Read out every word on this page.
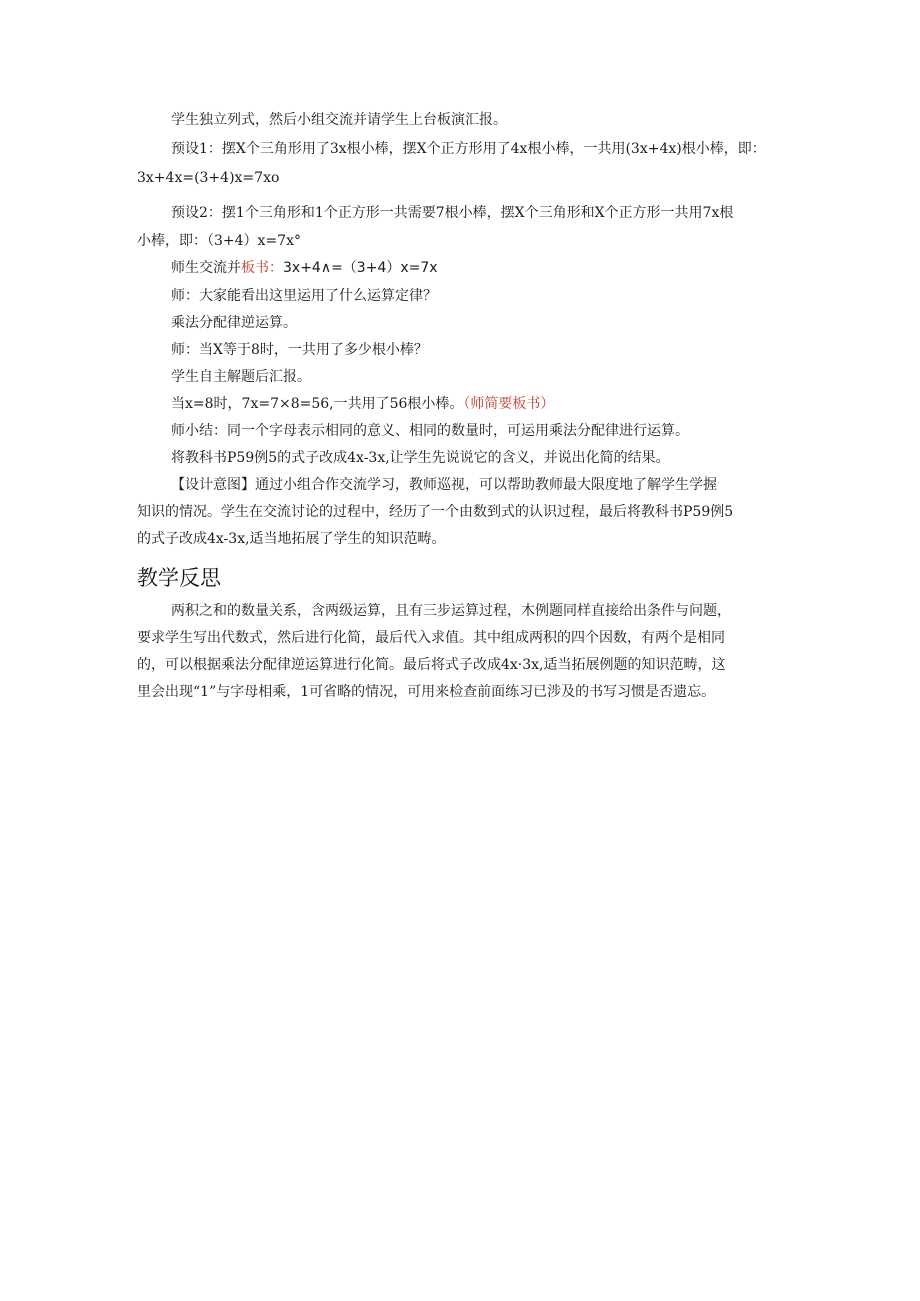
学生独立列式，然后小组交流并请学生上台板演汇报。
预设1：摆X个三角形用了3x根小棒，摆X个正方形用了4x根小棒，一共用(3x+4x)根小棒，即：
3x+4x=(3+4)x=7xo
预设2：摆1个三角形和1个正方形一共需要7根小棒，摆X个三角形和X个正方形一共用7x根
小棒，即：（3+4）x=7x°
师生交流并板书：3x+4∧=（3+4）x=7x
师：大家能看出这里运用了什么运算定律？
乘法分配律逆运算。
师：当X等于8时，一共用了多少根小棒？
学生自主解题后汇报。
当x=8时，7x=7×8=56,一共用了56根小棒。（师简要板书）
师小结：同一个字母表示相同的意义、相同的数量时，可运用乘法分配律进行运算。
将教科书P59例5的式子改成4x-3x,让学生先说说它的含义，并说出化简的结果。
【设计意图】通过小组合作交流学习，教师巡视，可以帮助教师最大限度地了解学生学握
知识的情况。学生在交流讨论的过程中，经历了一个由数到式的认识过程，最后将教科书P59例5
的式子改成4x-3x,适当地拓展了学生的知识范畴。
教学反思
两积之和的数量关系，含两级运算，且有三步运算过程，木例题同样直接给出条件与问题，
要求学生写出代数式，然后进行化简，最后代入求值。其中组成两积的四个因数，有两个是相同
的，可以根据乘法分配律逆运算进行化简。最后将式子改成4x·3x,适当拓展例题的知识范畴，这
里会出现“1”与字母相乘，1可省略的情况，可用来检查前面练习已涉及的书写习惯是否遗忘。
